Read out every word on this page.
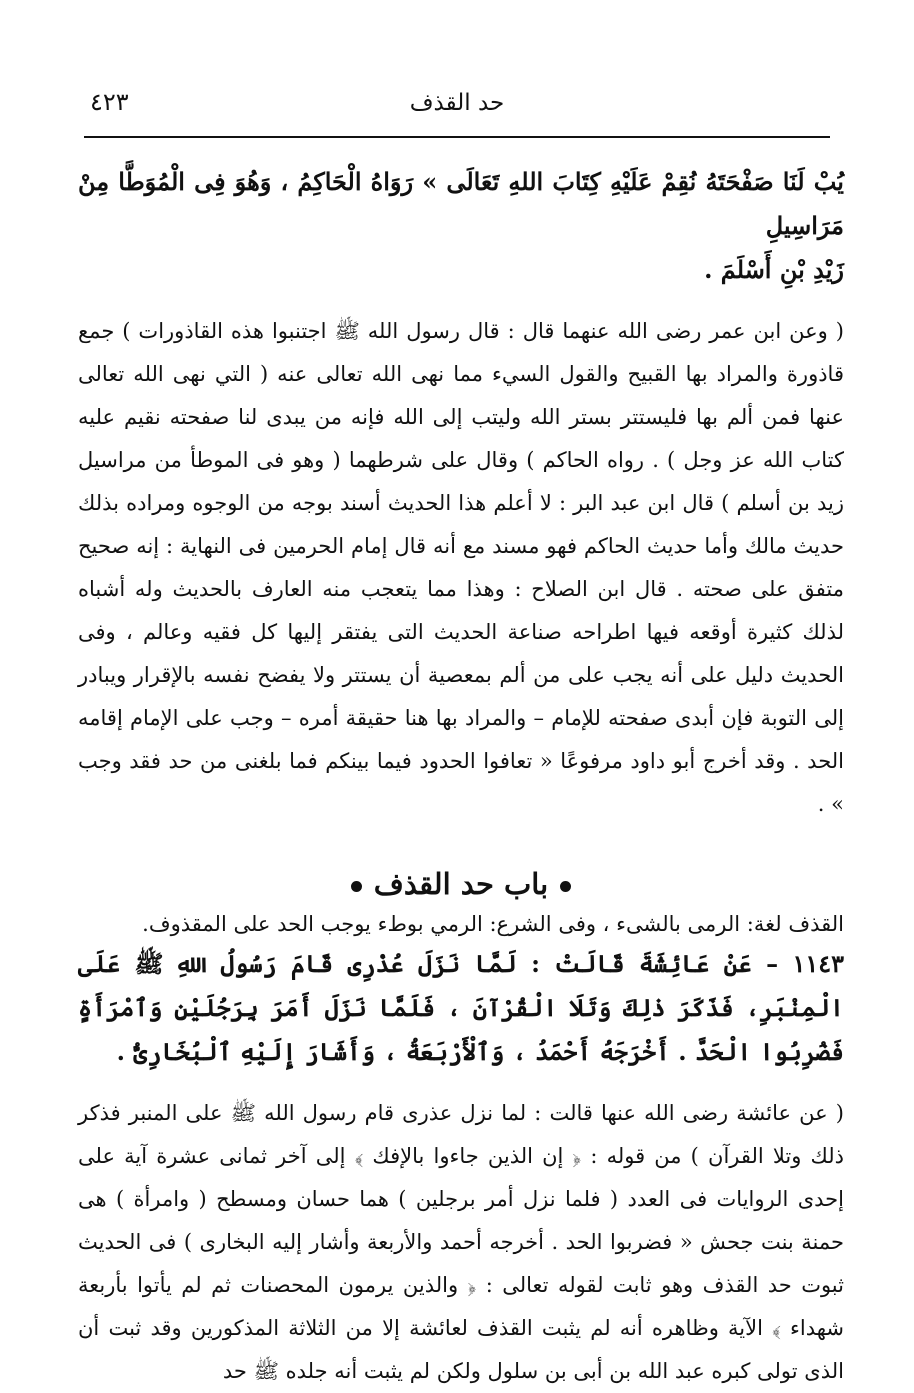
حد القذف
٤٢٣

يُبْ لَنَا صَفْحَتَهُ نُقِمْ عَلَيْهِ كِتَابَ اللهِ تَعَالَى » رَوَاهُ الْحَاكِمُ ، وَهُوَ فِى الْمُوَطَّا مِنْ مَرَاسِيلِ
زَيْدِ بْنِ أَسْلَمَ .

( وعن ابن عمر رضى الله عنهما قال : قال رسول الله ﷺ اجتنبوا هذه القاذورات ) جمع قاذورة والمراد بها القبيح والقول السيء مما نهى الله تعالى عنه ( التي نهى الله تعالى عنها فمن ألم بها فليستتر بستر الله وليتب إلى الله فإنه من يبدى لنا صفحته نقيم عليه كتاب الله عز وجل ) . رواه الحاكم ) وقال على شرطهما ( وهو فى الموطأ من مراسيل زيد بن أسلم ) قال ابن عبد البر : لا أعلم هذا الحديث أسند بوجه من الوجوه ومراده بذلك حديث مالك وأما حديث الحاكم فهو مسند مع أنه قال إمام الحرمين فى النهاية : إنه صحيح متفق على صحته . قال ابن الصلاح : وهذا مما يتعجب منه العارف بالحديث وله أشباه لذلك كثيرة أوقعه فيها اطراحه صناعة الحديث التى يفتقر إليها كل فقيه وعالم ، وفى الحديث دليل على أنه يجب على من ألم بمعصية أن يستتر ولا يفضح نفسه بالإقرار ويبادر إلى التوبة فإن أبدى صفحته للإمام – والمراد بها هنا حقيقة أمره – وجب على الإمام إقامه الحد . وقد أخرج أبو داود مرفوعًا « تعافوا الحدود فيما بينكم فما بلغنى من حد فقد وجب » .

باب حد القذف

القذف لغة: الرمى بالشىء ، وفى الشرع: الرمي بوطء يوجب الحد على المقذوف.

١١٤٣ – عَنْ عَائِشَةَ قَالَتْ : لَمَّا نَزَلَ عُذْرِى قَامَ رَسُولُ اللهِ ﷺ عَلَى الْمِنْبَرِ، فَذَكَرَ ذٰلِكَ وَتَلَا الْقُرْآنَ ، فَلَمَّا نَزَلَ أَمَرَ بِرَجُلَيْنِ وَٱمْرَأَةٍ فَضُرِبُوا الْحَدَّ . أَخْرَجَهُ أَحْمَدُ ، وَٱلْأَرْبَعَةُ ، وَأَشَارَ إِلَيْهِ ٱلْبُخَارِىُّ .

( عن عائشة رضى الله عنها قالت : لما نزل عذرى قام رسول الله ﷺ على المنبر فذكر ذلك وتلا القرآن ) من قوله : ﴿ إن الذين جاءوا بالإفك ﴾ إلى آخر ثمانى عشرة آية على إحدى الروايات فى العدد ( فلما نزل أمر برجلين ) هما حسان ومسطح ( وامرأة ) هى حمنة بنت جحش « فضربوا الحد . أخرجه أحمد والأربعة وأشار إليه البخارى ) فى الحديث ثبوت حد القذف وهو ثابت لقوله تعالى : ﴿ والذين يرمون المحصنات ثم لم يأتوا بأربعة شهداء ﴾ الآية وظاهره أنه لم يثبت القذف لعائشة إلا من الثلاثة المذكورين وقد ثبت أن الذى تولى كبره عبد الله بن أبى بن سلول ولكن لم يثبت أنه جلده ﷺ حد
